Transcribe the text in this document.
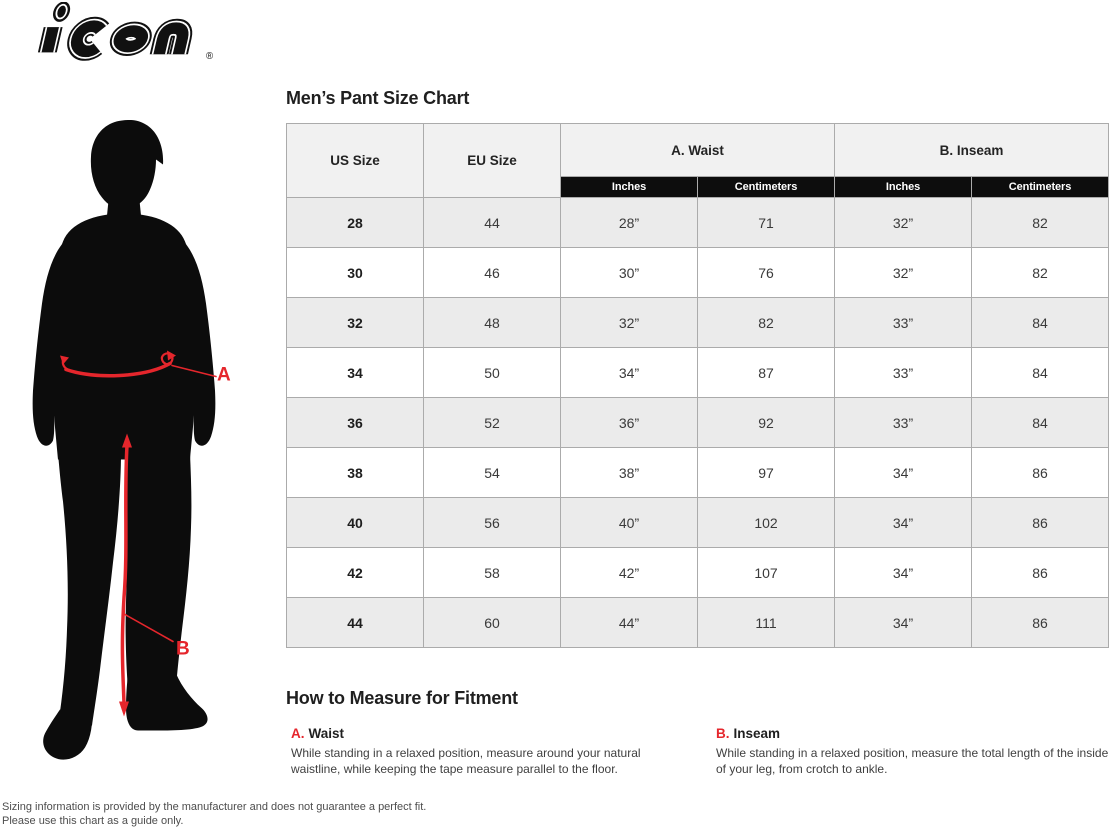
®
A
B
Men’s Pant Size Chart
US Size	EU Size	A. Waist		B. Inseam	
		Inches	Centimeters	Inches	Centimeters
28	44	28”	71	32”	82
30	46	30”	76	32”	82
32	48	32”	82	33”	84
34	50	34”	87	33”	84
36	52	36”	92	33”	84
38	54	38”	97	34”	86
40	56	40”	102	34”	86
42	58	42”	107	34”	86
44	60	44”	111	34”	86
How to Measure for Fitment
A. Waist
While standing in a relaxed position, measure around your natural waistline, while keeping the tape measure parallel to the floor.
B. Inseam
While standing in a relaxed position, measure the total length of the inside of your leg, from crotch to ankle.
Sizing information is provided by the manufacturer and does not guarantee a perfect fit.
Please use this chart as a guide only.
